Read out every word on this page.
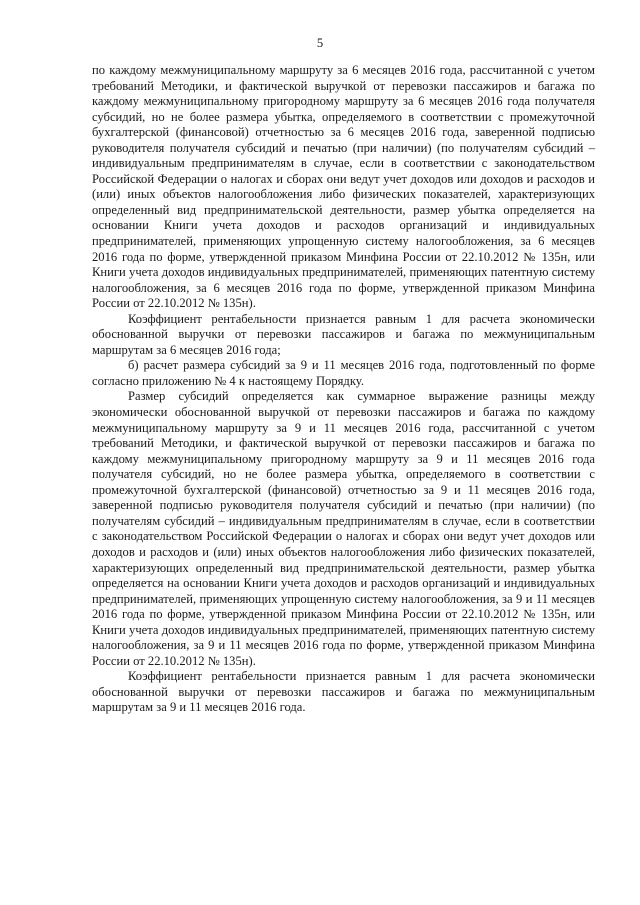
5

по каждому межмуниципальному маршруту за 6 месяцев 2016 года, рассчитанной с учетом требований Методики, и фактической выручкой от перевозки пассажиров и багажа по каждому межмуниципальному пригородному маршруту за 6 месяцев 2016 года получателя субсидий, но не более размера убытка, определяемого в соответствии с промежуточной бухгалтерской (финансовой) отчетностью за 6 месяцев 2016 года, заверенной подписью руководителя получателя субсидий и печатью (при наличии) (по получателям субсидий – индивидуальным предпринимателям в случае, если в соответствии с законодательством Российской Федерации о налогах и сборах они ведут учет доходов или доходов и расходов и (или) иных объектов налогообложения либо физических показателей, характеризующих определенный вид предпринимательской деятельности, размер убытка определяется на основании Книги учета доходов и расходов организаций и индивидуальных предпринимателей, применяющих упрощенную систему налогообложения, за 6 месяцев 2016 года по форме, утвержденной приказом Минфина России от 22.10.2012 № 135н, или Книги учета доходов индивидуальных предпринимателей, применяющих патентную систему налогообложения, за 6 месяцев 2016 года по форме, утвержденной приказом Минфина России от 22.10.2012 № 135н).

Коэффициент рентабельности признается равным 1 для расчета экономически обоснованной выручки от перевозки пассажиров и багажа по межмуниципальным маршрутам за 6 месяцев 2016 года;

б) расчет размера субсидий за 9 и 11 месяцев 2016 года, подготовленный по форме согласно приложению № 4 к настоящему Порядку.

Размер субсидий определяется как суммарное выражение разницы между экономически обоснованной выручкой от перевозки пассажиров и багажа по каждому межмуниципальному маршруту за 9 и 11 месяцев 2016 года, рассчитанной с учетом требований Методики, и фактической выручкой от перевозки пассажиров и багажа по каждому межмуниципальному пригородному маршруту за 9 и 11 месяцев 2016 года получателя субсидий, но не более размера убытка, определяемого в соответствии с промежуточной бухгалтерской (финансовой) отчетностью за 9 и 11 месяцев 2016 года, заверенной подписью руководителя получателя субсидий и печатью (при наличии) (по получателям субсидий – индивидуальным предпринимателям в случае, если в соответствии с законодательством Российской Федерации о налогах и сборах они ведут учет доходов или доходов и расходов и (или) иных объектов налогообложения либо физических показателей, характеризующих определенный вид предпринимательской деятельности, размер убытка определяется на основании Книги учета доходов и расходов организаций и индивидуальных предпринимателей, применяющих упрощенную систему налогообложения, за 9 и 11 месяцев 2016 года по форме, утвержденной приказом Минфина России от 22.10.2012 № 135н, или Книги учета доходов индивидуальных предпринимателей, применяющих патентную систему налогообложения, за 9 и 11 месяцев 2016 года по форме, утвержденной приказом Минфина России от 22.10.2012 № 135н).

Коэффициент рентабельности признается равным 1 для расчета экономически обоснованной выручки от перевозки пассажиров и багажа по межмуниципальным маршрутам за 9 и 11 месяцев 2016 года.
